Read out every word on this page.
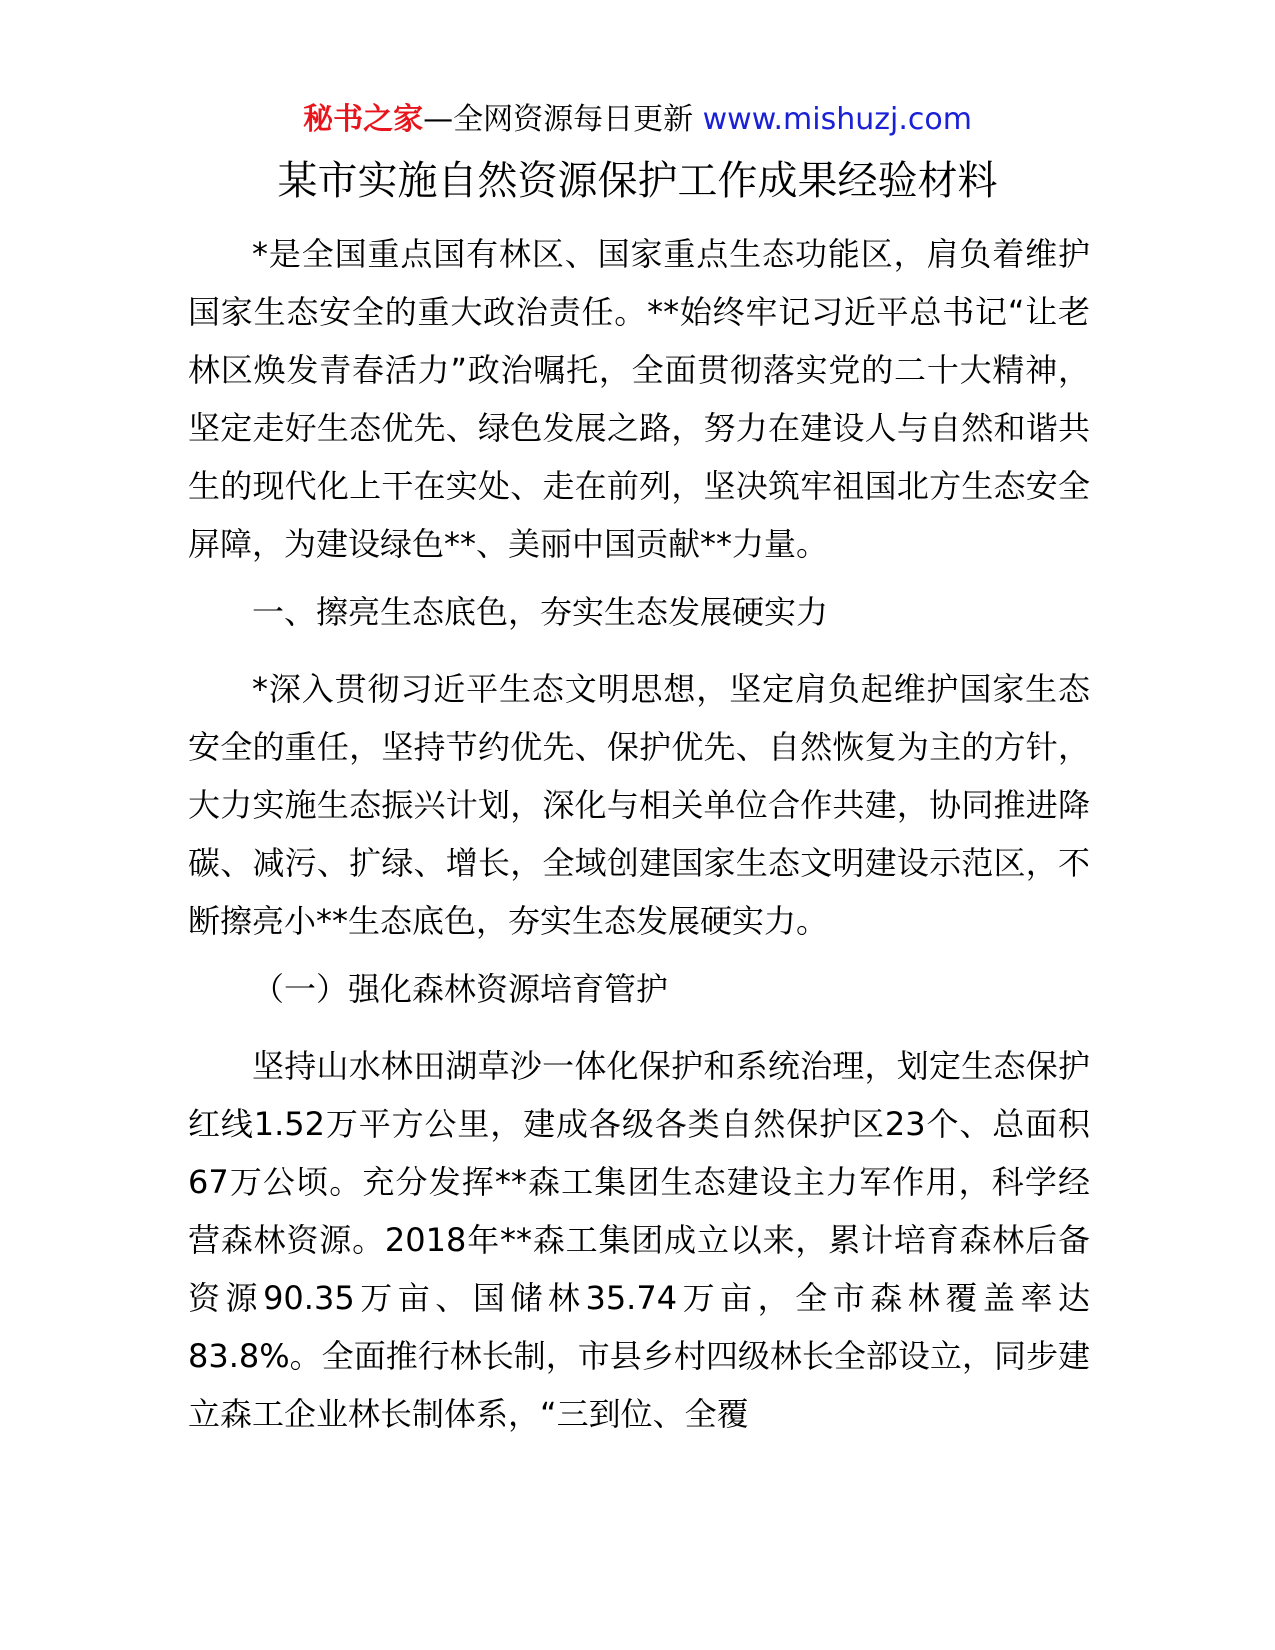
秘书之家—全网资源每日更新 www.mishuzj.com
某市实施自然资源保护工作成果经验材料

*是全国重点国有林区、国家重点生态功能区，肩负着维护国家生态安全的重大政治责任。**始终牢记习近平总书记“让老林区焕发青春活力”政治嘱托，全面贯彻落实党的二十大精神，坚定走好生态优先、绿色发展之路，努力在建设人与自然和谐共生的现代化上干在实处、走在前列，坚决筑牢祖国北方生态安全屏障，为建设绿色**、美丽中国贡献**力量。

一、擦亮生态底色，夯实生态发展硬实力

*深入贯彻习近平生态文明思想，坚定肩负起维护国家生态安全的重任，坚持节约优先、保护优先、自然恢复为主的方针，大力实施生态振兴计划，深化与相关单位合作共建，协同推进降碳、减污、扩绿、增长，全域创建国家生态文明建设示范区，不断擦亮小**生态底色，夯实生态发展硬实力。

（一）强化森林资源培育管护

坚持山水林田湖草沙一体化保护和系统治理，划定生态保护红线1.52万平方公里，建成各级各类自然保护区23个、总面积67万公顷。充分发挥**森工集团生态建设主力军作用，科学经营森林资源。2018年**森工集团成立以来，累计培育森林后备资源90.35万亩、国储林35.74万亩，全市森林覆盖率达83.8%。全面推行林长制，市县乡村四级林长全部设立，同步建立森工企业林长制体系，“三到位、全覆
